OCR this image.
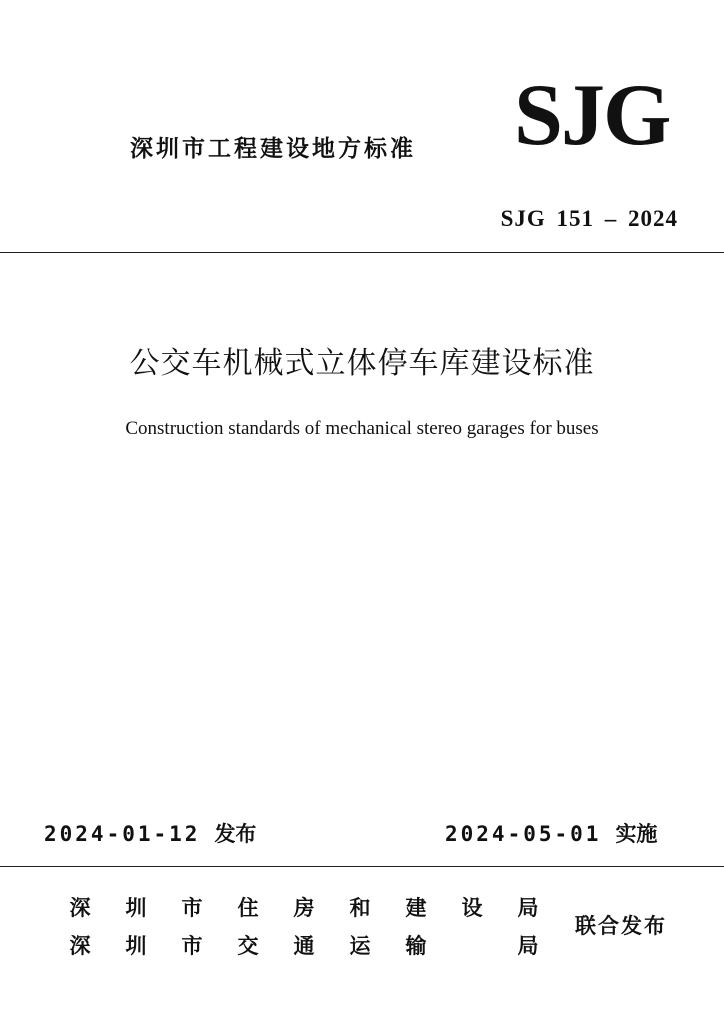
深圳市工程建设地方标准 SJG
SJG 151 – 2024
公交车机械式立体停车库建设标准
Construction standards of mechanical stereo garages for buses
2024-01-12 发布	2024-05-01 实施
深 圳 市 住 房 和 建 设 局
深 圳 市 交 通 运 输	局
联合发布
